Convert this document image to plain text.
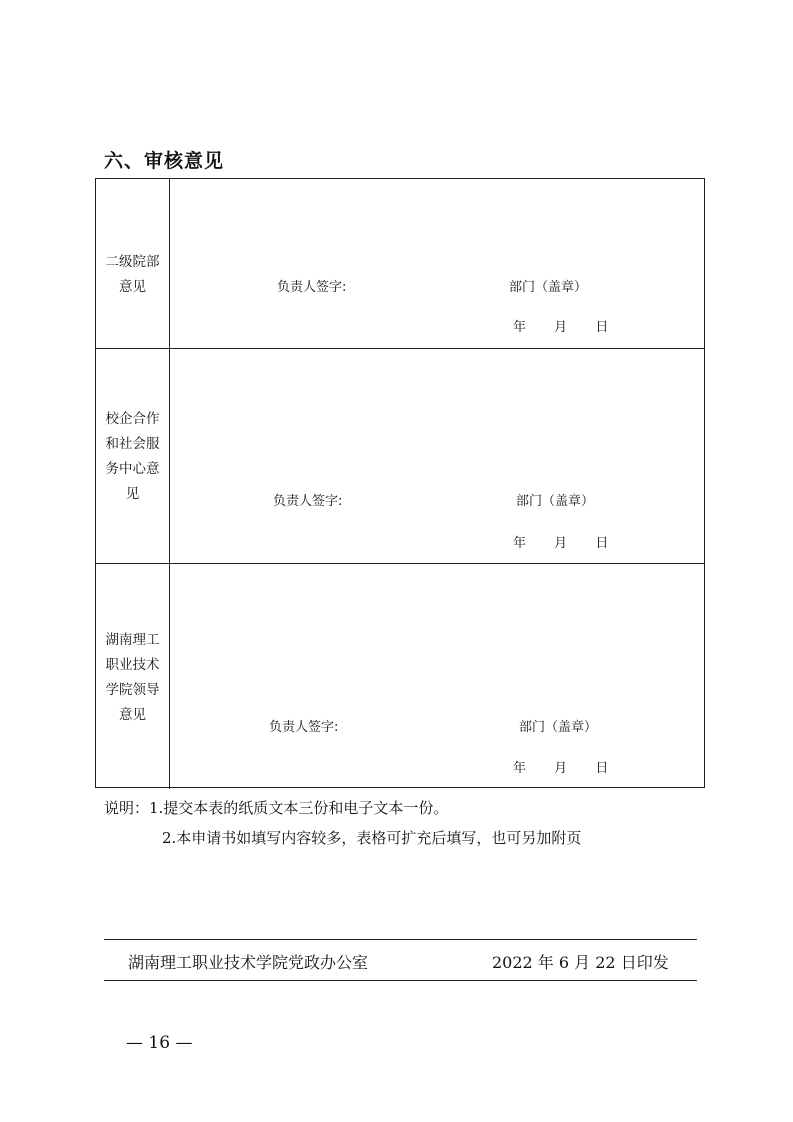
六、审核意见
二级院部意见	负责人签字:	部门（盖章）
年 月 日
校企合作和社会服务中心意见	负责人签字:	部门（盖章）
年 月 日
湖南理工职业技术学院领导意见
负责人签字:	部门（盖章）
年 月 日
说明：1.提交本表的纸质文本三份和电子文本一份。
2.本申请书如填写内容较多，表格可扩充后填写，也可另加附页
湖南理工职业技术学院党政办公室	2022 年 6 月 22 日印发
— 16 —
